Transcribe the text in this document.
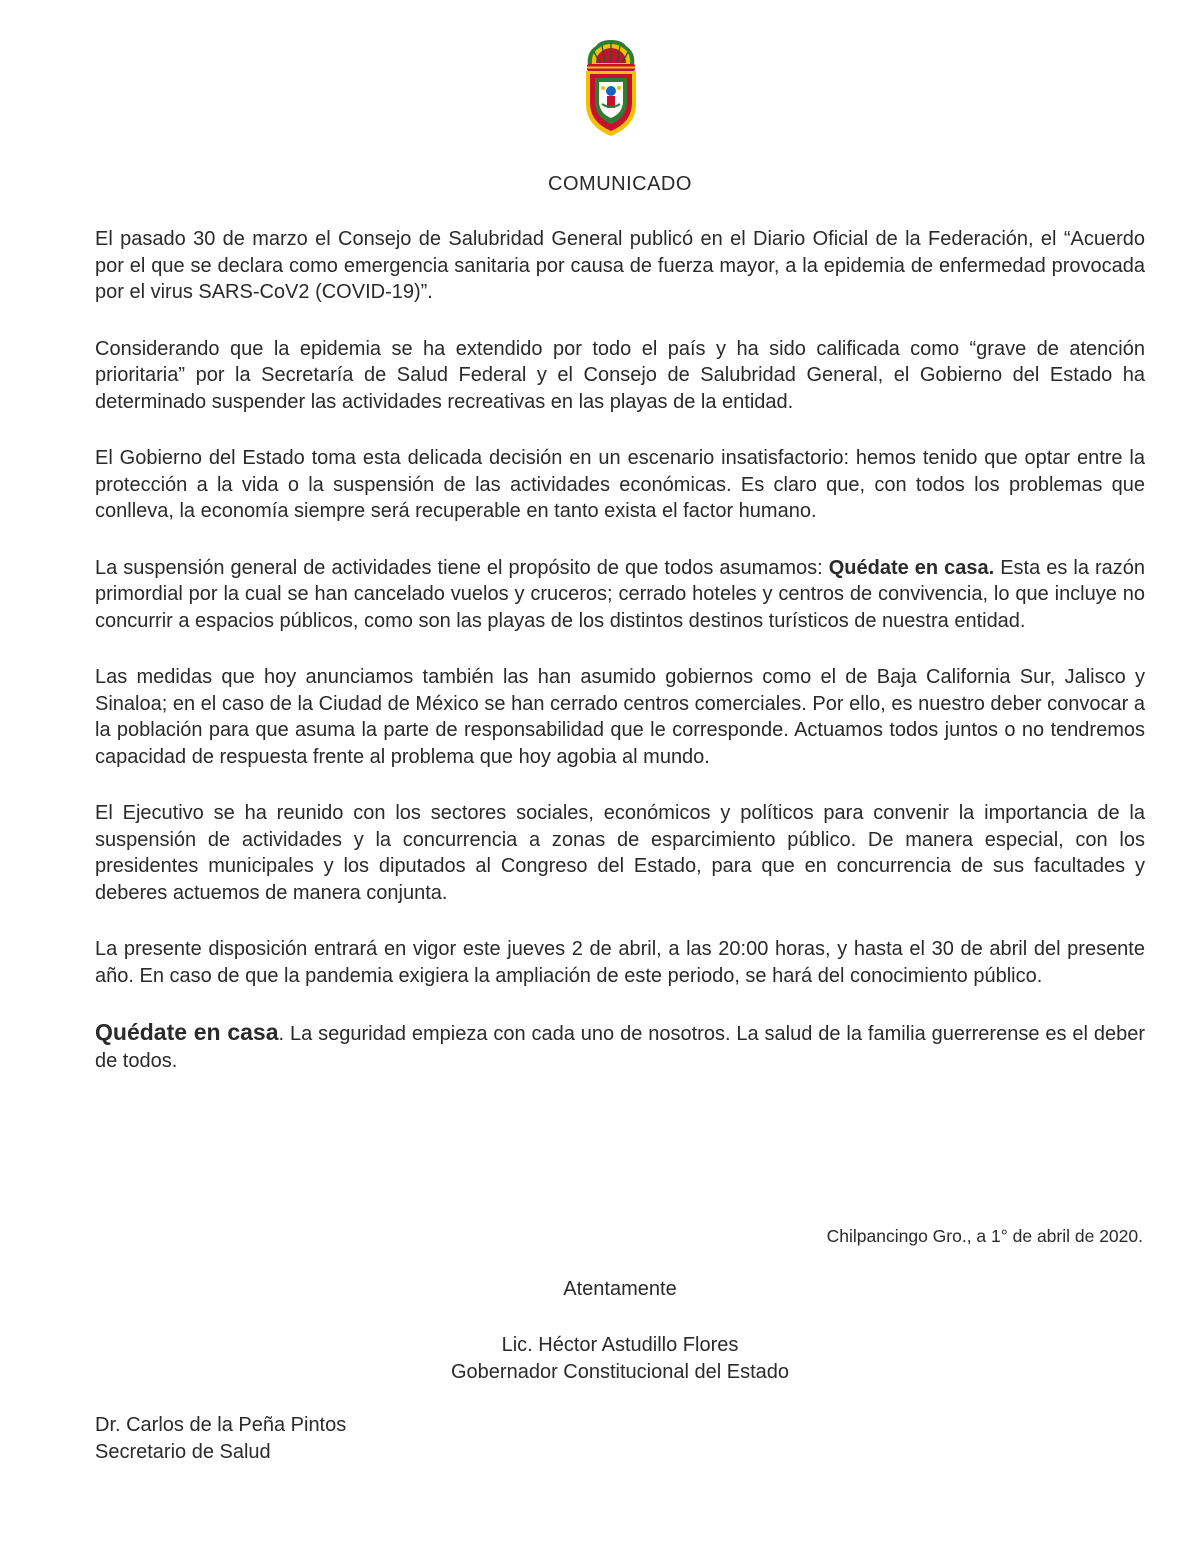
COMUNICADO

El pasado 30 de marzo el Consejo de Salubridad General publicó en el Diario Oficial de la Federación, el “Acuerdo por el que se declara como emergencia sanitaria por causa de fuerza mayor, a la epidemia de enfermedad provocada por el virus SARS-CoV2 (COVID-19)”.

Considerando que la epidemia se ha extendido por todo el país y ha sido calificada como “grave de atención prioritaria” por la Secretaría de Salud Federal y el Consejo de Salubridad General, el Gobierno del Estado ha determinado suspender las actividades recreativas en las playas de la entidad.

El Gobierno del Estado toma esta delicada decisión en un escenario insatisfactorio: hemos tenido que optar entre la protección a la vida o la suspensión de las actividades económicas. Es claro que, con todos los problemas que conlleva, la economía siempre será recuperable en tanto exista el factor humano.

La suspensión general de actividades tiene el propósito de que todos asumamos: Quédate en casa. Esta es la razón primordial por la cual se han cancelado vuelos y cruceros; cerrado hoteles y centros de convivencia, lo que incluye no concurrir a espacios públicos, como son las playas de los distintos destinos turísticos de nuestra entidad.

Las medidas que hoy anunciamos también las han asumido gobiernos como el de Baja California Sur, Jalisco y Sinaloa; en el caso de la Ciudad de México se han cerrado centros comerciales. Por ello, es nuestro deber convocar a la población para que asuma la parte de responsabilidad que le corresponde. Actuamos todos juntos o no tendremos capacidad de respuesta frente al problema que hoy agobia al mundo.

El Ejecutivo se ha reunido con los sectores sociales, económicos y políticos para convenir la importancia de la suspensión de actividades y la concurrencia a zonas de esparcimiento público. De manera especial, con los presidentes municipales y los diputados al Congreso del Estado, para que en concurrencia de sus facultades y deberes actuemos de manera conjunta.

La presente disposición entrará en vigor este jueves 2 de abril, a las 20:00 horas, y hasta el 30 de abril del presente año. En caso de que la pandemia exigiera la ampliación de este periodo, se hará del conocimiento público.

Quédate en casa. La seguridad empieza con cada uno de nosotros. La salud de la familia guerrerense es el deber de todos.

Chilpancingo Gro., a 1° de abril de 2020.
Atentamente
Lic. Héctor Astudillo Flores
Gobernador Constitucional del Estado
Dr. Carlos de la Peña Pintos
Secretario de Salud
